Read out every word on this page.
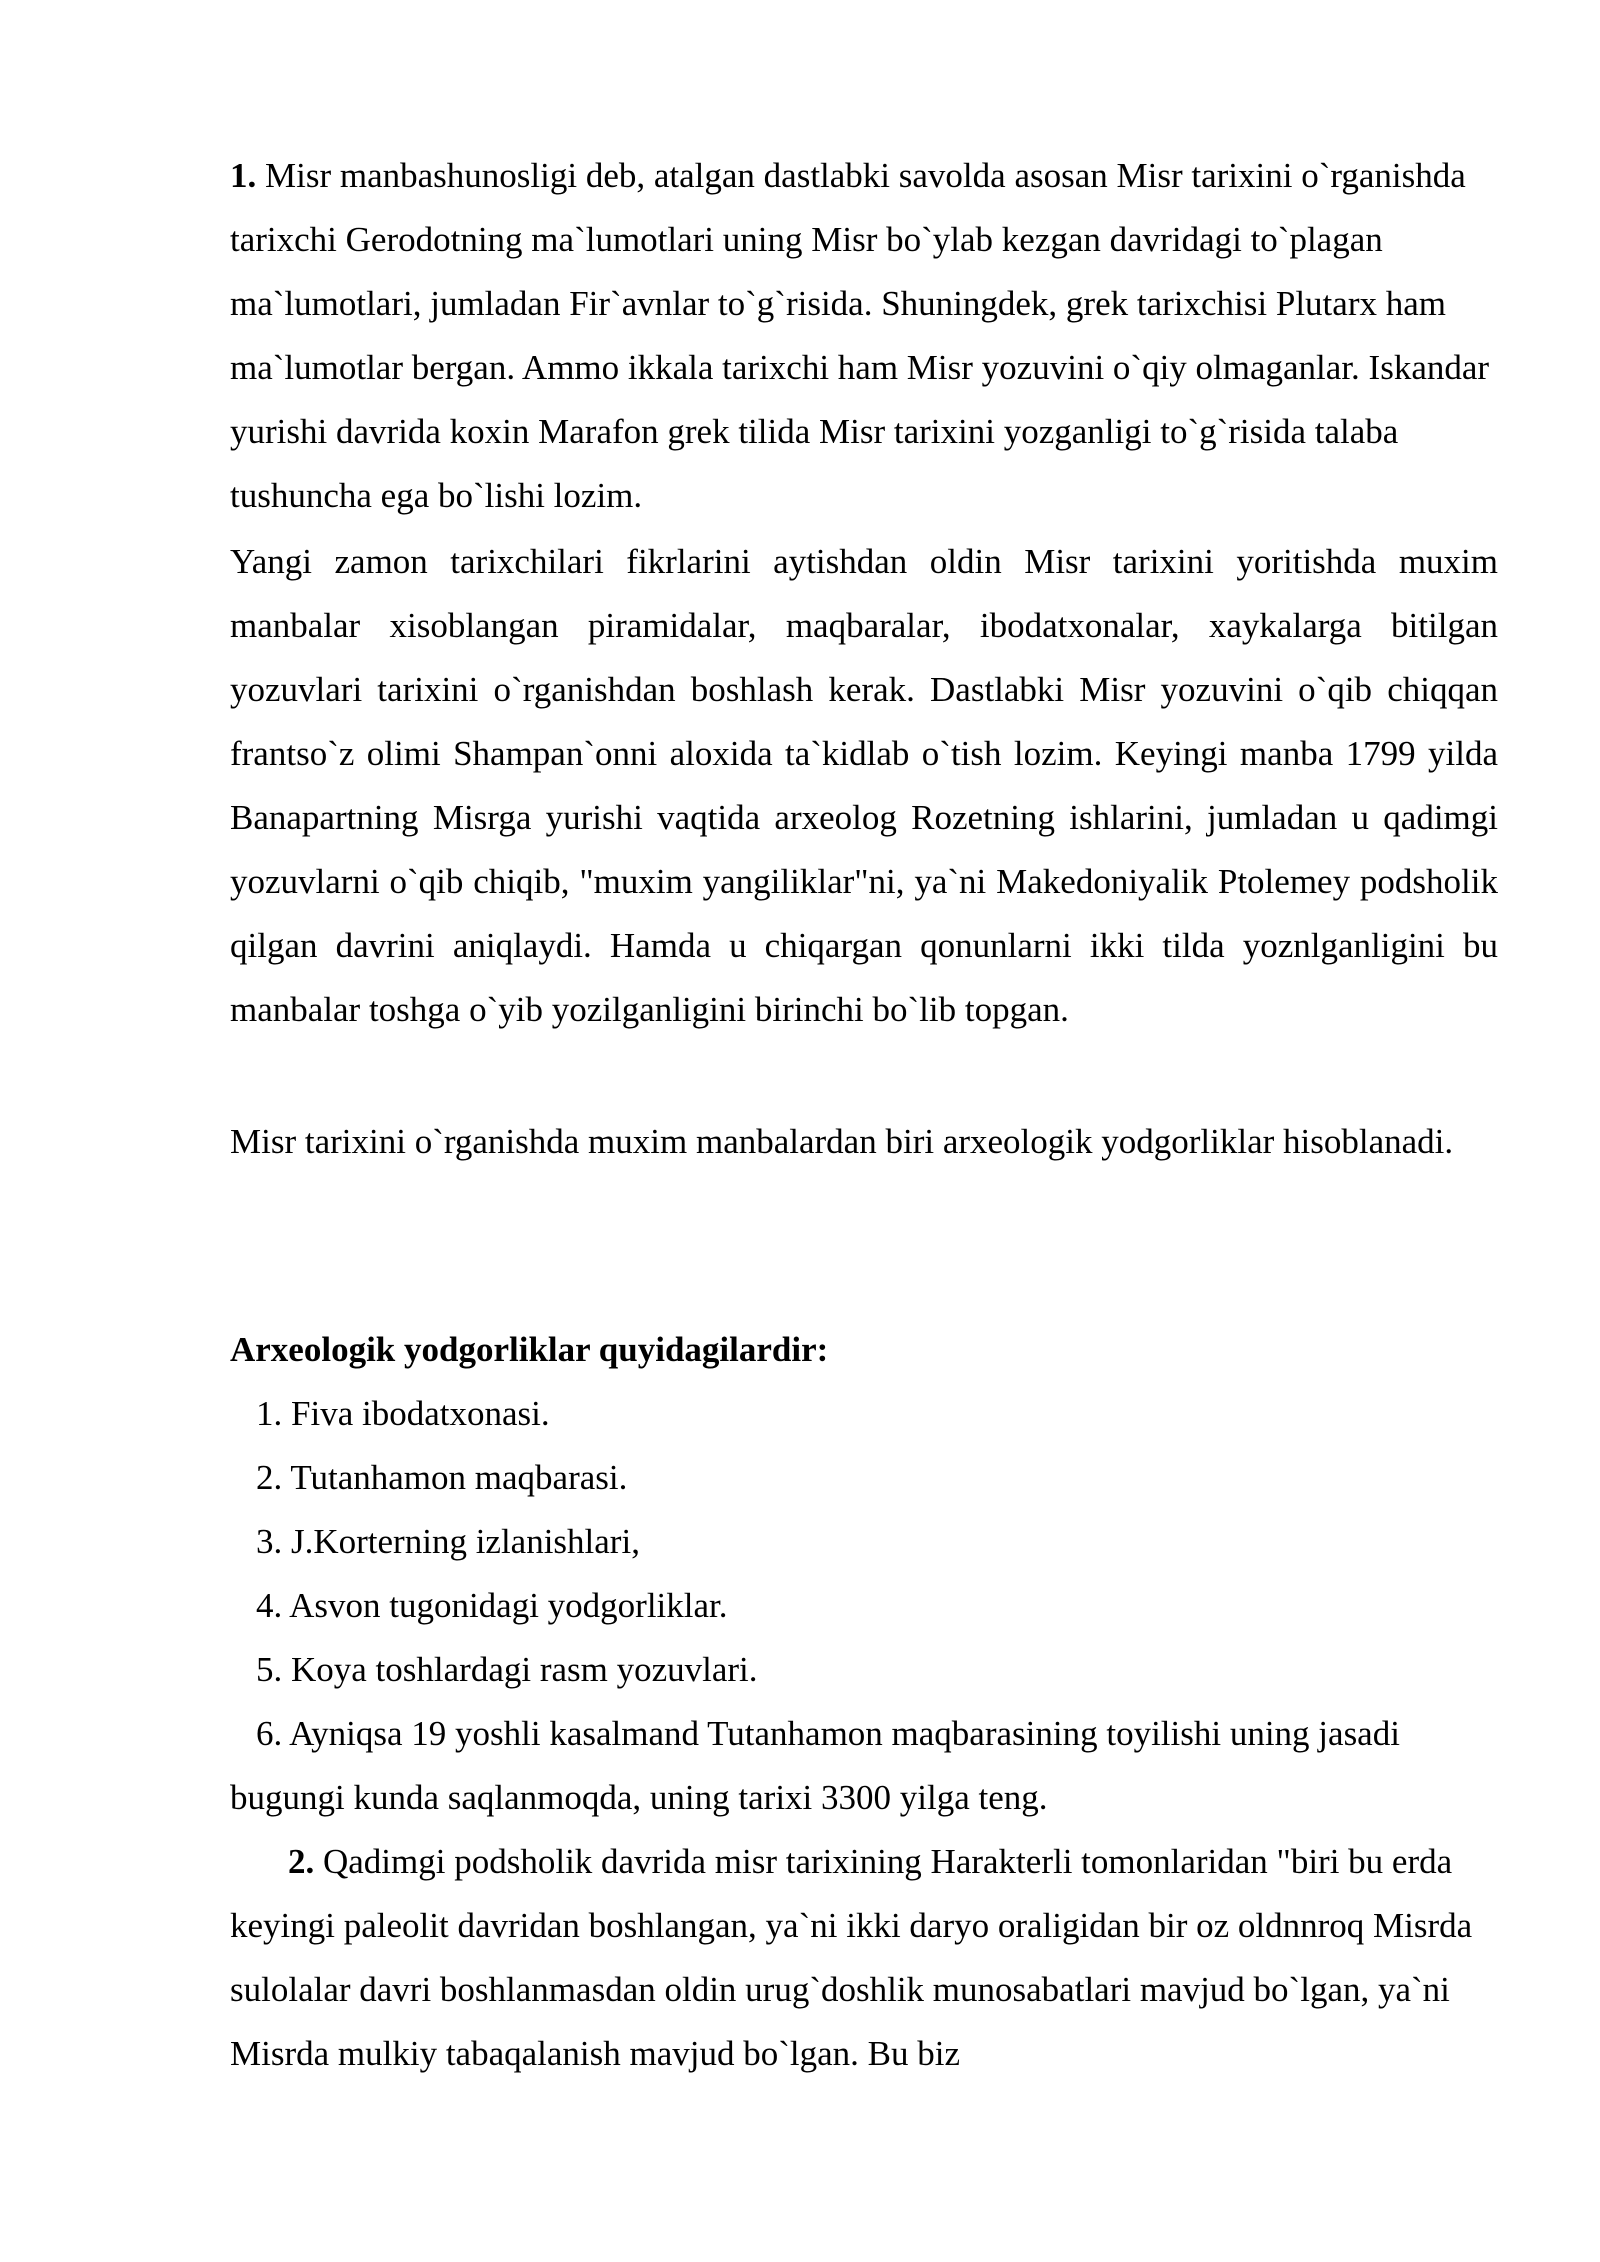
1. Misr manbashunosligi deb, atalgan dastlabki savolda asosan Misr tarixini o`rganishda tarixchi Gerodotning ma`lumotlari uning Misr bo`ylab kezgan davridagi to`plagan ma`lumotlari, jumladan Fir`avnlar to`g`risida. Shuningdek, grek tarixchisi Plutarx ham ma`lumotlar bergan. Ammo ikkala tarixchi ham Misr yozuvini o`qiy olmaganlar. Iskandar yurishi davrida koxin Marafon grek tilida Misr tarixini yozganligi to`g`risida talaba tushuncha ega bo`lishi lozim.

Yangi zamon tarixchilari fikrlarini aytishdan oldin Misr tarixini yoritishda muxim manbalar xisoblangan piramidalar, maqbaralar, ibodatxonalar, xaykalarga bitilgan yozuvlari tarixini o`rganishdan boshlash kerak. Dastlabki Misr yozuvini o`qib chiqqan frantso`z olimi Shampan`onni aloxida ta`kidlab o`tish lozim. Keyingi manba 1799 yilda Banapartning Misrga yurishi vaqtida arxeolog Rozetning ishlarini, jumladan u qadimgi yozuvlarni o`qib chiqib, "muxim yangiliklar"ni, ya`ni Makedoniyalik Ptolemey podsholik qilgan davrini aniqlaydi. Hamda u chiqargan qonunlarni ikki tilda yoznlganligini bu manbalar toshga o`yib yozilganligini birinchi bo`lib topgan.

Misr tarixini o`rganishda muxim manbalardan biri arxeologik yodgorliklar hisoblanadi.

Arxeologik yodgorliklar quyidagilardir:

1. Fiva ibodatxonasi.
2. Tutanhamon maqbarasi.
3. J.Korterning izlanishlari,
4. Asvon tugonidagi yodgorliklar.
5. Koya toshlardagi rasm yozuvlari.
6. Ayniqsa 19 yoshli kasalmand Tutanhamon maqbarasining toyilishi uning jasadi bugungi kunda saqlanmoqda, uning tarixi 3300 yilga teng.

2. Qadimgi podsholik davrida misr tarixining Harakterli tomonlaridan "biri bu erda keyingi paleolit davridan boshlangan, ya`ni ikki daryo oraligidan bir oz oldnnroq Misrda sulolalar davri boshlanmasdan oldin urug`doshlik munosabatlari mavjud bo`lgan, ya`ni Misrda mulkiy tabaqalanish mavjud bo`lgan. Bu biz
